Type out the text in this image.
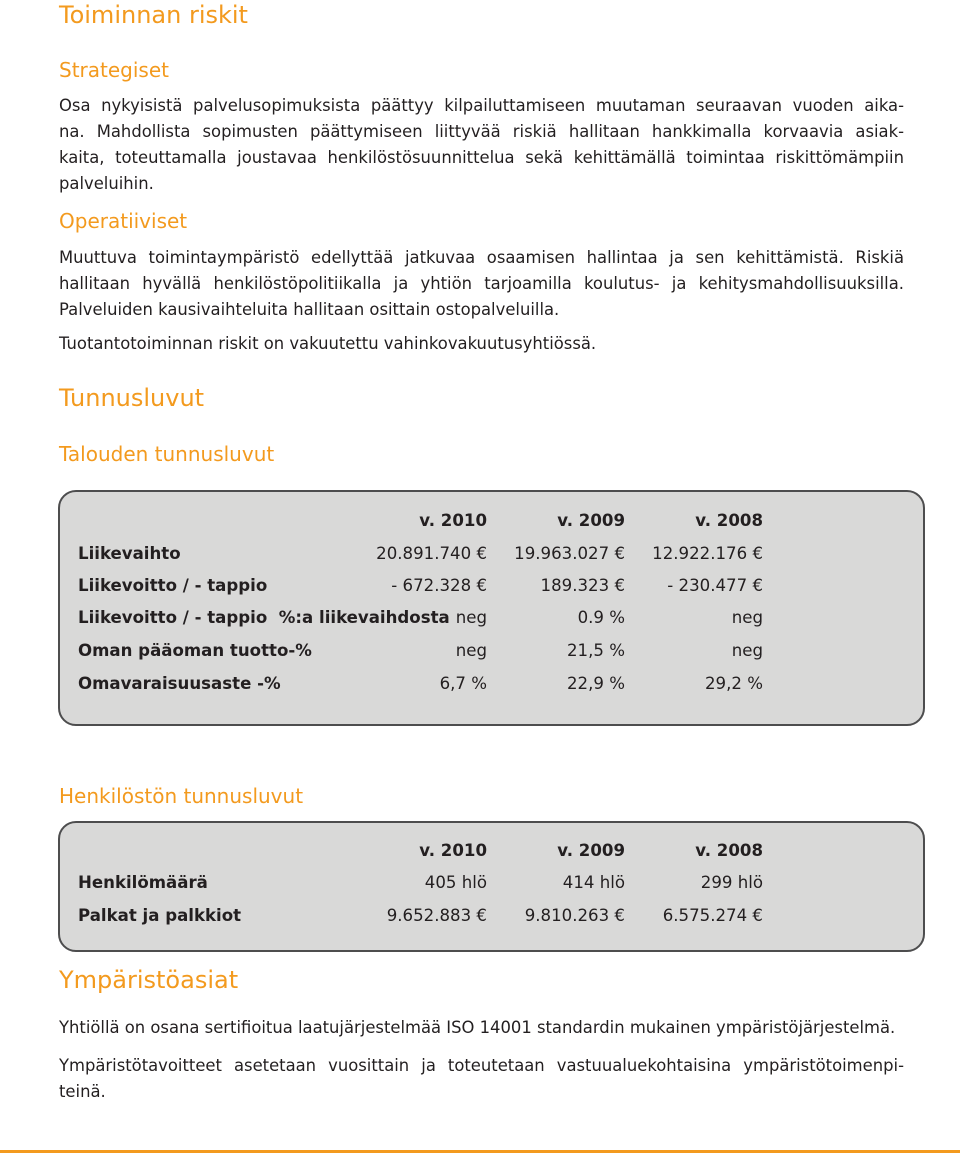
Toiminnan riskit
Strategiset
Osa nykyisistä palvelusopimuksista päättyy kilpailuttamiseen muutaman seuraavan vuoden aika-
na. Mahdollista sopimusten päättymiseen liittyvää riskiä hallitaan hankkimalla korvaavia asiak-
kaita, toteuttamalla joustavaa henkilöstösuunnittelua sekä kehittämällä toimintaa riskittömämpiin
palveluihin.
Operatiiviset
Muuttuva toimintaympäristö edellyttää jatkuvaa osaamisen hallintaa ja sen kehittämistä. Riskiä
hallitaan hyvällä henkilöstöpolitiikalla ja yhtiön tarjoamilla koulutus- ja kehitysmahdollisuuksilla.
Palveluiden kausivaihteluita hallitaan osittain ostopalveluilla.
Tuotantotoiminnan riskit on vakuutettu vahinkovakuutusyhtiössä.
Tunnusluvut
Talouden tunnusluvut
v. 2010	v. 2009	v. 2008
Liikevaihto	20.891.740 € 19.963.027 € 12.922.176 €
Liikevoitto / - tappio	- 672.328 €	189.323 €	- 230.477 €
Liikevoitto / - tappio  %:a liikevaihdosta neg	0.9 %	neg
Oman pääoman tuotto-%	neg	21,5 %	neg
Omavaraisuusaste -%	6,7 %	22,9 %	29,2 %
Henkilöstön tunnusluvut
v. 2010	v. 2009	v. 2008
Henkilömäärä	405 hlö	414 hlö	299 hlö
Palkat ja palkkiot	9.652.883 € 9.810.263 € 6.575.274 €
Ympäristöasiat
Yhtiöllä on osana sertifioitua laatujärjestelmää ISO 14001 standardin mukainen ympäristöjärjestelmä.
Ympäristötavoitteet asetetaan vuosittain ja toteutetaan vastuualuekohtaisina ympäristötoimenpi-
teinä.
